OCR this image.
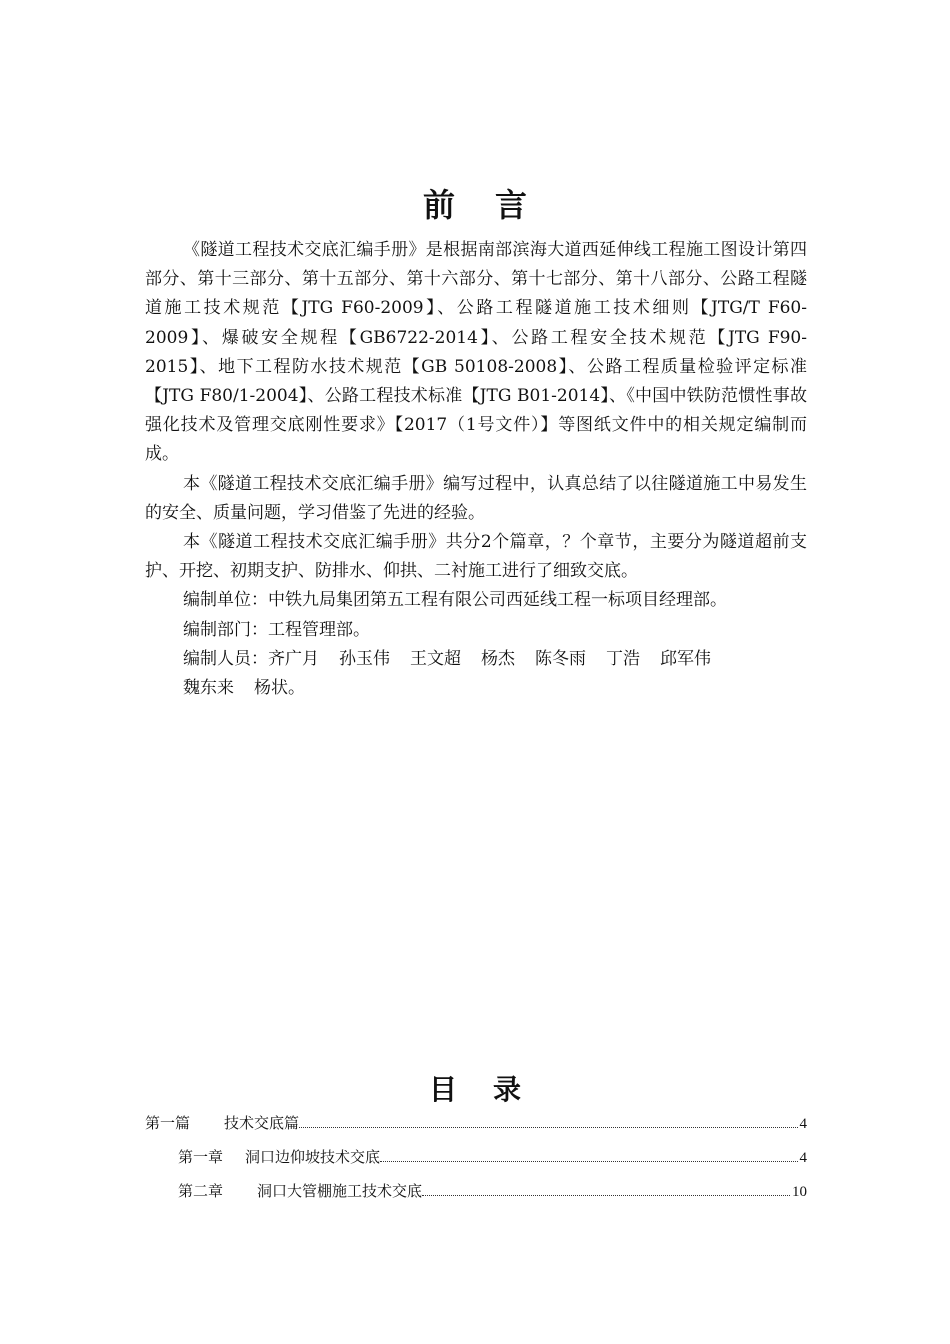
前言

《隧道工程技术交底汇编手册》是根据南部滨海大道西延伸线工程施工图设计第四部分、第十三部分、第十五部分、第十六部分、第十七部分、第十八部分、公路工程隧道施工技术规范【JTG F60-2009】、公路工程隧道施工技术细则【JTG/T F60-2009】、爆破安全规程【GB6722-2014】、公路工程安全技术规范【JTG F90-2015】、地下工程防水技术规范【GB 50108-2008】、公路工程质量检验评定标准【JTG F80/1-2004】、公路工程技术标准【JTG B01-2014】、《中国中铁防范惯性事故强化技术及管理交底刚性要求》【2017（1号文件）】等图纸文件中的相关规定编制而成。

本《隧道工程技术交底汇编手册》编写过程中，认真总结了以往隧道施工中易发生的安全、质量问题，学习借鉴了先进的经验。

本《隧道工程技术交底汇编手册》共分2个篇章，？个章节，主要分为隧道超前支护、开挖、初期支护、防排水、仰拱、二衬施工进行了细致交底。

编制单位：中铁九局集团第五工程有限公司西延线工程一标项目经理部。

编制部门：工程管理部。

编制人员：齐广月 孙玉伟 王文超 杨杰 陈冬雨 丁浩 邱军伟

魏东来 杨状。

目录
第一篇 技术交底篇	4
第一章 洞口边仰坡技术交底	4
第二章 洞口大管棚施工技术交底	10
